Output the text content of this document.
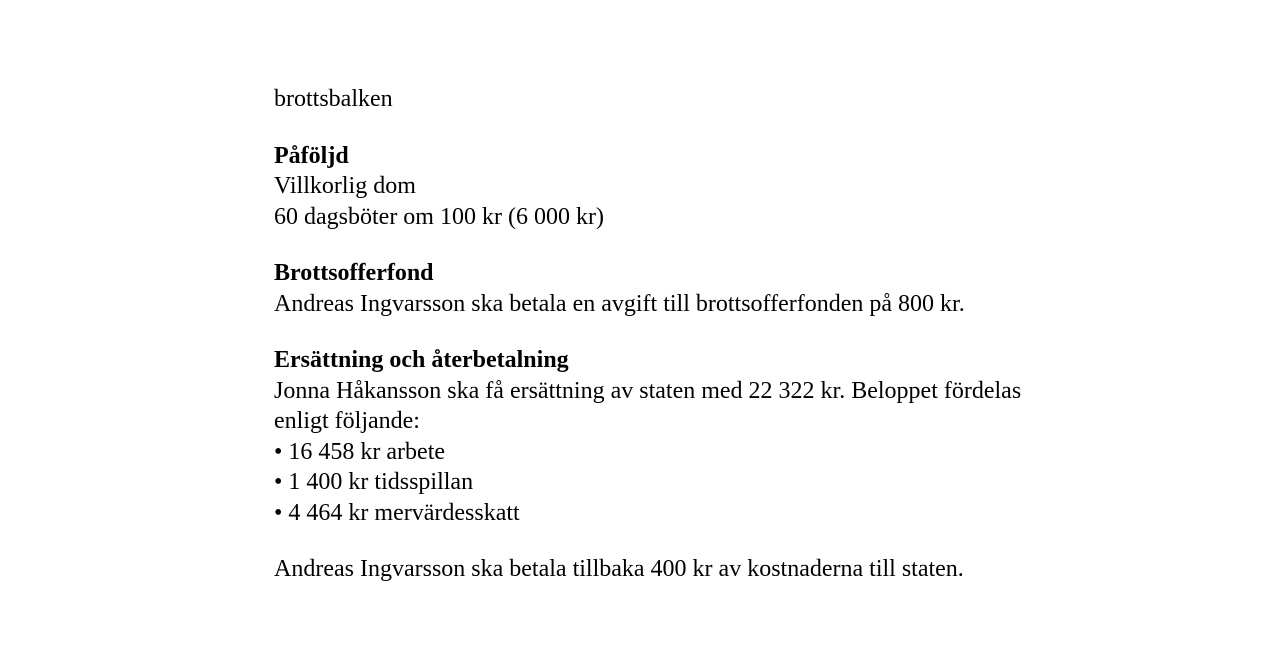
brottsbalken

Påföljd

Villkorlig dom

60 dagsböter om 100 kr (6 000 kr)

Brottsofferfond

Andreas Ingvarsson ska betala en avgift till brottsofferfonden på 800 kr.

Ersättning och återbetalning

Jonna Håkansson ska få ersättning av staten med 22 322 kr. Beloppet fördelas

enligt följande:

• 16 458 kr arbete
• 1 400 kr tidsspillan
• 4 464 kr mervärdesskatt

Andreas Ingvarsson ska betala tillbaka 400 kr av kostnaderna till staten.
